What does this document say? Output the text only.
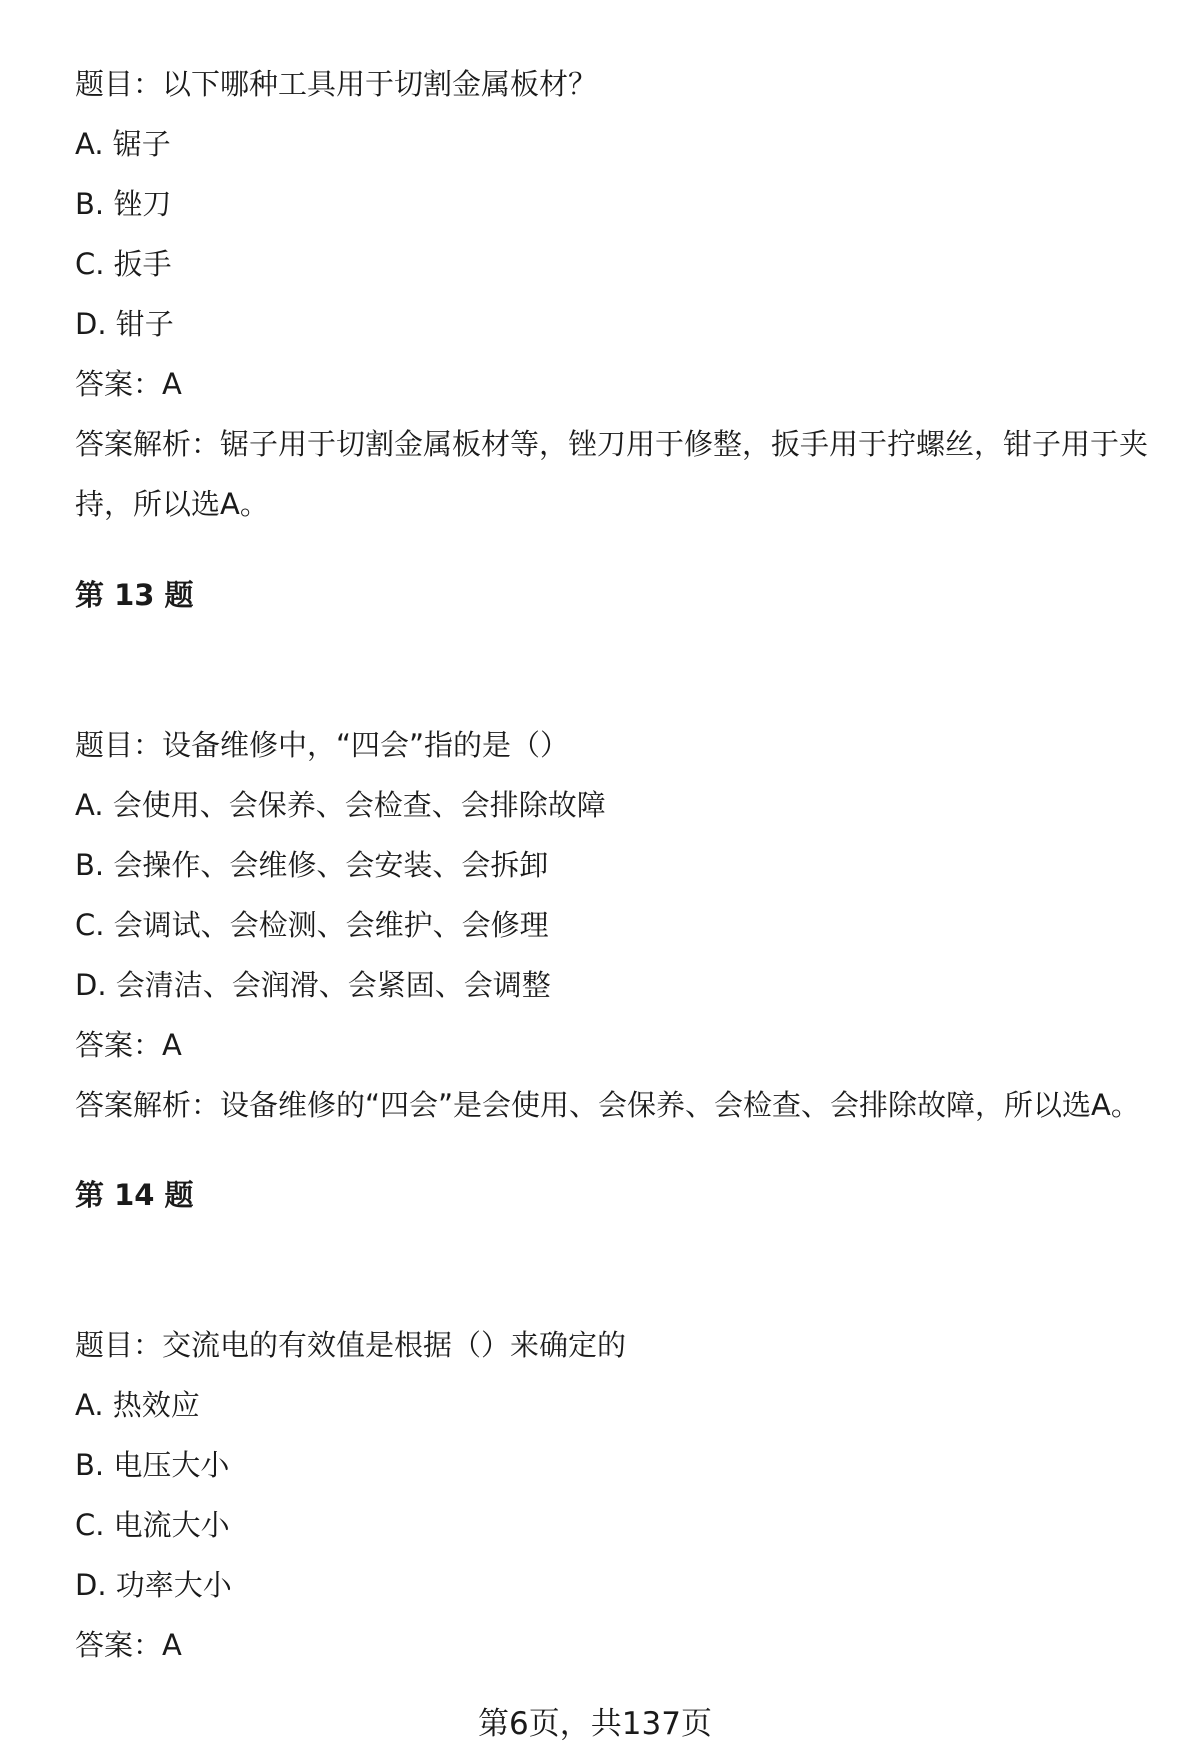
题目：以下哪种工具用于切割金属板材？
A. 锯子
B. 锉刀
C. 扳手
D. 钳子
答案：A
答案解析：锯子用于切割金属板材等，锉刀用于修整，扳手用于拧螺丝，钳子用于夹持，所以选A。
第 13 题
题目：设备维修中，“四会”指的是（）
A. 会使用、会保养、会检查、会排除故障
B. 会操作、会维修、会安装、会拆卸
C. 会调试、会检测、会维护、会修理
D. 会清洁、会润滑、会紧固、会调整
答案：A
答案解析：设备维修的“四会”是会使用、会保养、会检查、会排除故障，所以选A。
第 14 题
题目：交流电的有效值是根据（）来确定的
A. 热效应
B. 电压大小
C. 电流大小
D. 功率大小
答案：A
第6页，共137页
